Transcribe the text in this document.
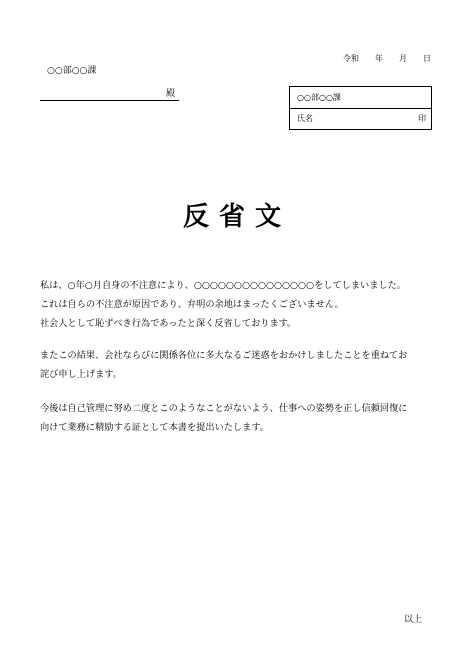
令和 年 月 日
○○部○○課
殿	○○部○○課
氏名	印
反省文
私は、○年○月自身の不注意により、○○○○○○○○○○○○○○○をしてしまいました。
これは自らの不注意が原因であり、弁明の余地はまったくございません。
社会人として恥ずべき行為であったと深く反省しております。
またこの結果、会社ならびに関係各位に多大なるご迷惑をおかけしましたことを重ねてお
詫び申し上げます。
今後は自己管理に努め二度とこのようなことがないよう、仕事への姿勢を正し信頼回復に
向けて業務に精励する証として本書を提出いたします。
以上
